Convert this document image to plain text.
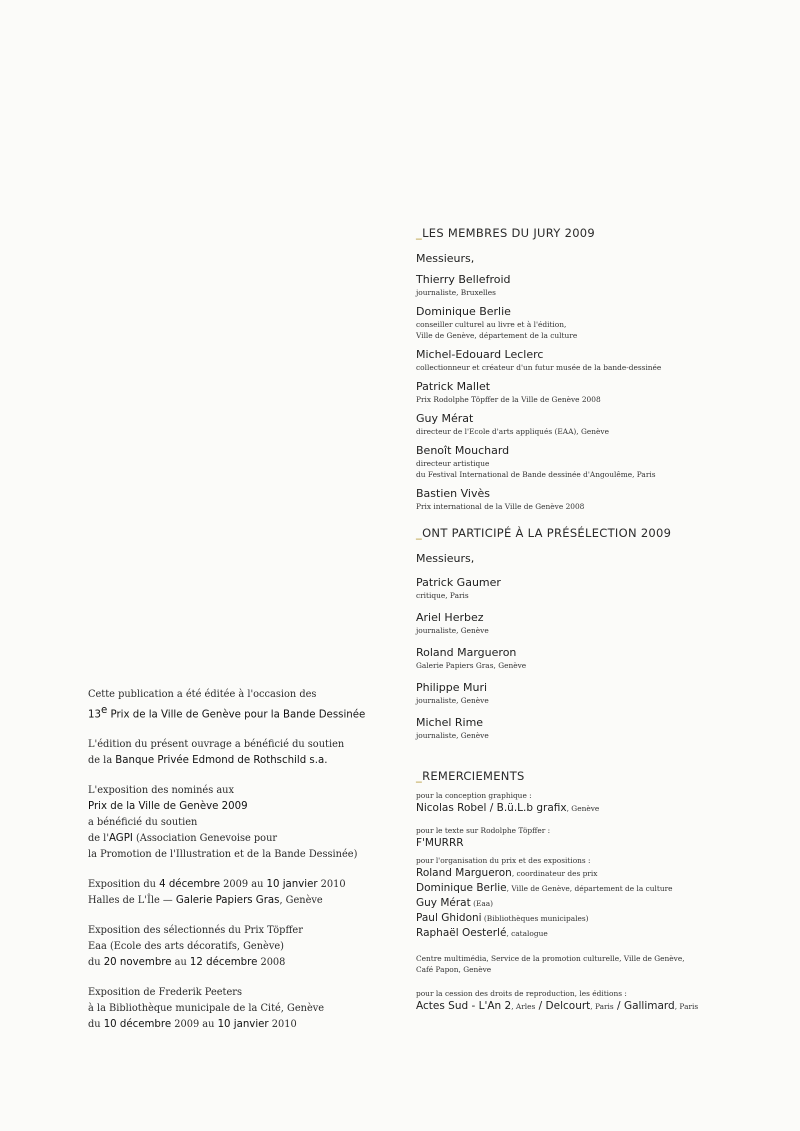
_LES MEMBRES DU JURY 2009
Messieurs,
Thierry Bellefroid
journaliste, Bruxelles
Dominique Berlie
conseiller culturel au livre et à l'édition,
Ville de Genève, département de la culture
Michel-Edouard Leclerc
collectionneur et créateur d'un futur musée de la bande-dessinée
Patrick Mallet
Prix Rodolphe Töpffer de la Ville de Genève 2008
Guy Mérat
directeur de l'Ecole d'arts appliqués (EAA), Genève
Benoît Mouchard
directeur artistique
du Festival International de Bande dessinée d'Angoulême, Paris
Bastien Vivès
Prix international de la Ville de Genève 2008
_ONT PARTICIPÉ À LA PRÉSÉLECTION 2009
Messieurs,
Patrick Gaumer
critique, Paris
Ariel Herbez
journaliste, Genève
Roland Margueron
Galerie Papiers Gras, Genève
Philippe Muri
journaliste, Genève
Michel Rime
journaliste, Genève
_REMERCIEMENTS
pour la conception graphique :
Nicolas Robel / B.ü.L.b grafix, Genève
pour le texte sur Rodolphe Töpffer :
F'MURRR
pour l'organisation du prix et des expositions :
Roland Margueron, coordinateur des prix
Dominique Berlie, Ville de Genève, département de la culture
Guy Mérat (Eaa)
Paul Ghidoni (Bibliothèques municipales)
Raphaël Oesterlé, catalogue
Centre multimédia, Service de la promotion culturelle, Ville de Genève,
Café Papon, Genève
pour la cession des droits de reproduction, les éditions :
Actes Sud - L'An 2, Arles / Delcourt, Paris / Gallimard, Paris
Cette publication a été éditée à l'occasion des
13e Prix de la Ville de Genève pour la Bande Dessinée
L'édition du présent ouvrage a bénéficié du soutien
de la Banque Privée Edmond de Rothschild s.a.
L'exposition des nominés aux
Prix de la Ville de Genève 2009
a bénéficié du soutien
de l'AGPI (Association Genevoise pour
la Promotion de l'Illustration et de la Bande Dessinée)
Exposition du 4 décembre 2009 au 10 janvier 2010
Halles de L'Île — Galerie Papiers Gras, Genève
Exposition des sélectionnés du Prix Töpffer
Eaa (Ecole des arts décoratifs, Genève)
du 20 novembre au 12 décembre 2008
Exposition de Frederik Peeters
à la Bibliothèque municipale de la Cité, Genève
du 10 décembre 2009 au 10 janvier 2010
